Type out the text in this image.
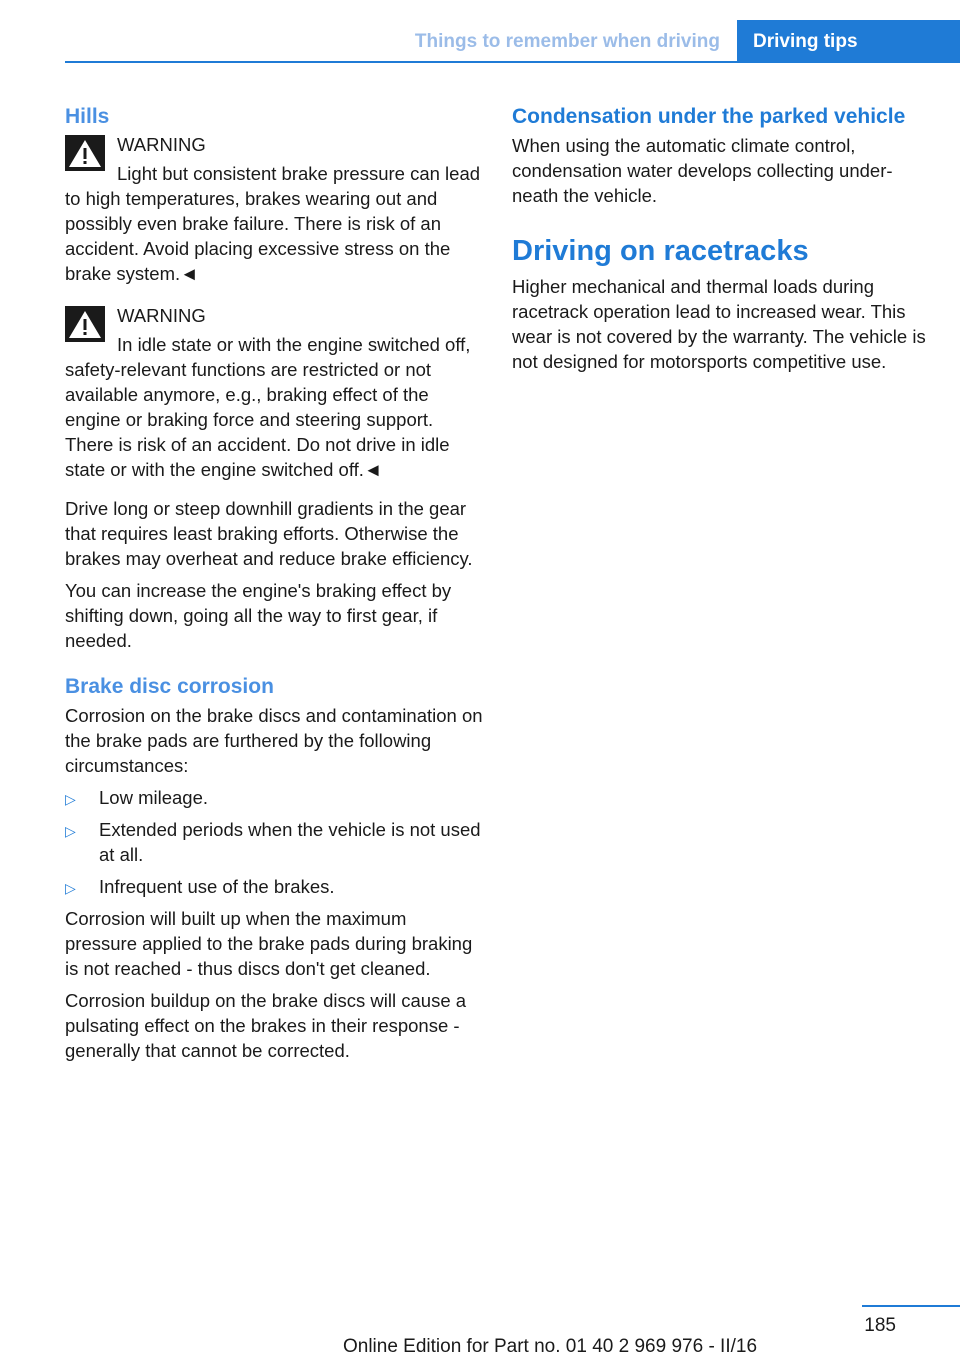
Things to remember when driving	Driving tips
Hills
WARNING
Light but consistent brake pressure can lead to high temperatures, brakes wearing out and possibly even brake failure. There is risk of an accident. Avoid placing excessive stress on the brake system.◄
WARNING
In idle state or with the engine switched off, safety-relevant functions are restricted or not available anymore, e.g., braking effect of the engine or braking force and steering support. There is risk of an accident. Do not drive in idle state or with the engine switched off.◄

Drive long or steep downhill gradients in the gear that requires least braking efforts. Otherwise the brakes may overheat and reduce brake efficiency.

You can increase the engine's braking effect by shifting down, going all the way to first gear, if needed.

Brake disc corrosion

Corrosion on the brake discs and contamination on the brake pads are furthered by the following circumstances:

▷ Low mileage.
▷ Extended periods when the vehicle is not used at all.
▷ Infrequent use of the brakes.

Corrosion will built up when the maximum pressure applied to the brake pads during braking is not reached - thus discs don't get cleaned.

Corrosion buildup on the brake discs will cause a pulsating effect on the brakes in their response - generally that cannot be corrected.

Condensation under the parked vehicle

When using the automatic climate control, condensation water develops collecting underneath the vehicle.

Driving on racetracks

Higher mechanical and thermal loads during racetrack operation lead to increased wear. This wear is not covered by the warranty. The vehicle is not designed for motorsports competitive use.

185
Online Edition for Part no. 01 40 2 969 976 - II/16
